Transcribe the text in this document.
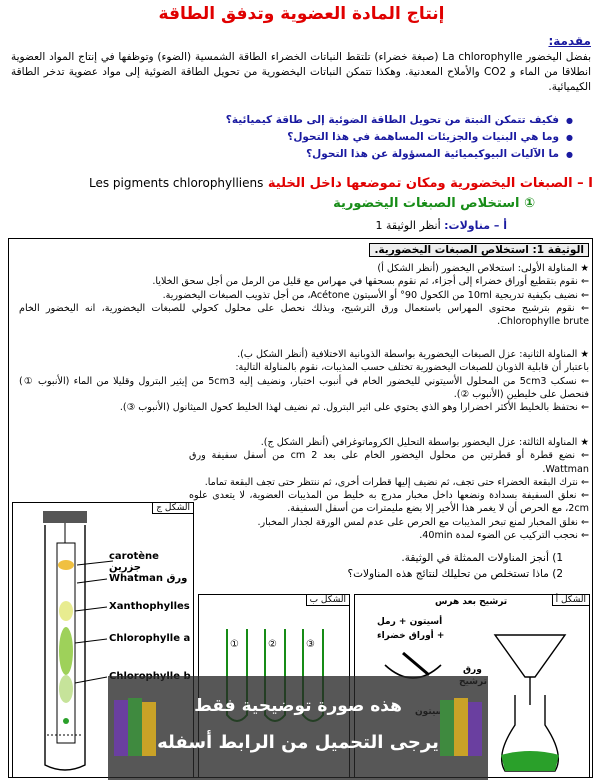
إنتاج المادة العضوية وتدفق الطاقة
مقدمة:
بفضل اليخضور La chlorophylle (صبغة خضراء) تلتقط النباتات الخضراء الطاقة الشمسية (الضوء) وتوظفها في إنتاج المواد العضوية انطلاقا من الماء و CO2 والأملاح المعدنية. وهكذا تتمكن النباتات اليخضورية من تحويل الطاقة الضوئية إلى مواد عضوية تدخر الطاقة الكيميائية.
● فكيف تتمكن النبتة من تحويل الطاقة الضوئية إلى طاقة كيميائية؟
● وما هي البنيات والجزيئات المساهمة في هذا التحول؟
● ما الآليات البيوكيميائية المسؤولة عن هذا التحول؟
I – الصبغات اليخضورية ومكان تموضعها داخل الخلية Les pigments chlorophylliens
① استخلاص الصبغات اليخضورية
أ – مناولات: أنظر الوثيقة 1
الوثيقة 1: استخلاص الصبغات اليخضورية.
★ المناولة الأولى: استخلاص اليخضور (أنظر الشكل أ)
⇐ نقوم بتقطيع أوراق خضراء إلى أجزاء، ثم نقوم بسحقها في مهراس مع قليل من الرمل من أجل سحق الخلايا.
⇐ نضيف بكيفية تدريجية 10ml من الكحول 90° أو الأسيتون Acétone، من أجل تذويب الصبغات اليخضورية.
⇐ نقوم بترشيح محتوى المهراس باستعمال ورق الترشيح، وبذلك نحصل على محلول كحولي للصبغات اليخضورية، انه اليخضور الخام Chlorophylle brute.
★ المناولة الثانية: عزل الصبغات اليخضورية بواسطة الذوبانية الاختلافية (أنظر الشكل ب).
باعتبار أن قابلية الذوبان للصبغات اليخضورية تختلف حسب المذيبات، نقوم بالمناولة التالية:
⇐ نسكب 5cm3 من المحلول الأسيتوني لليخضور الخام في أنبوب اختبار، ونضيف إليه 5cm3 من إيثير البترول وقليلا من الماء (الأنبوب ①) فنحصل على خليطين (الأنبوب ②).
⇐ نحتفظ بالخليط الأكثر اخضرارا وهو الذي يحتوي على اثير البترول. ثم نضيف لهذا الخليط كحول الميثانول (الأنبوب ③).
★ المناولة الثالثة: عزل اليخضور بواسطة التحليل الكروماتوغرافي (أنظر الشكل ج).
⇐ نضع قطرة أو قطرتين من محلول اليخضور الخام على بعد 2 cm من أسفل سفيفة ورق Wattman.
⇐ نترك البقعة الخضراء حتى تجف، ثم نضيف إليها قطرات أخرى، ثم ننتظر حتى تجف البقعة تماما.
⇐ نعلق السفيفة بسدادة ونضعها داخل مخبار مدرج به خليط من المذيبات العضوية، لا يتعدى علوه 2cm، مع الحرص أن لا يغمر هذا الأخير إلا بضع مليمترات من أسفل السفيفة.
⇐ نغلق المخبار لمنع تبخر المذيبات مع الحرص على عدم لمس الورقة لجدار المخبار.
⇐ نحجب التركيب عن الضوء لمدة 40min.
1) أنجز المناولات الممثلة في الوثيقة.
2) ماذا تستخلص من تحليلك لنتائج هذه المناولات؟
الشكل ج
carotène جزرين
Whatman ورق
Xanthophylles
Chlorophylle a
الشكل ب
①	②	③
الشكل أ
ترشيح بعد هرس
أسيتون + رمل
+ أوراق خضراء
ورق
هذه صورة توضيحية فقط
يرجى التحميل من الرابط أسفله
